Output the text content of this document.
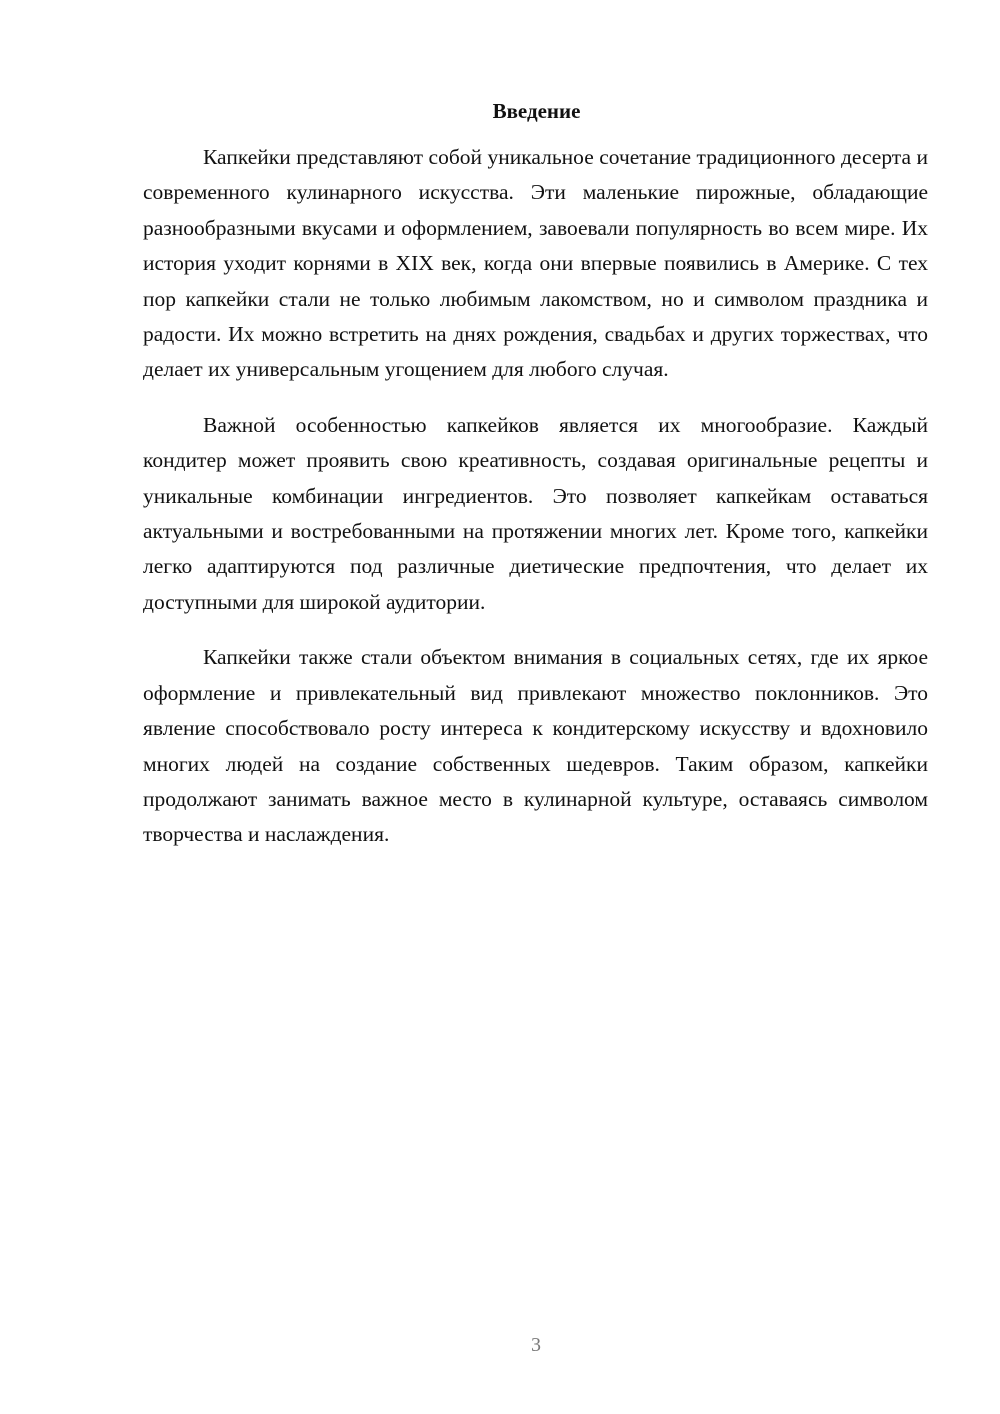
Введение

Капкейки представляют собой уникальное сочетание традиционного десерта и современного кулинарного искусства. Эти маленькие пирожные, обладающие разнообразными вкусами и оформлением, завоевали популярность во всем мире. Их история уходит корнями в XIX век, когда они впервые появились в Америке. С тех пор капкейки стали не только любимым лакомством, но и символом праздника и радости. Их можно встретить на днях рождения, свадьбах и других торжествах, что делает их универсальным угощением для любого случая.

Важной особенностью капкейков является их многообразие. Каждый кондитер может проявить свою креативность, создавая оригинальные рецепты и уникальные комбинации ингредиентов. Это позволяет капкейкам оставаться актуальными и востребованными на протяжении многих лет. Кроме того, капкейки легко адаптируются под различные диетические предпочтения, что делает их доступными для широкой аудитории.

Капкейки также стали объектом внимания в социальных сетях, где их яркое оформление и привлекательный вид привлекают множество поклонников. Это явление способствовало росту интереса к кондитерскому искусству и вдохновило многих людей на создание собственных шедевров. Таким образом, капкейки продолжают занимать важное место в кулинарной культуре, оставаясь символом творчества и наслаждения.

3
